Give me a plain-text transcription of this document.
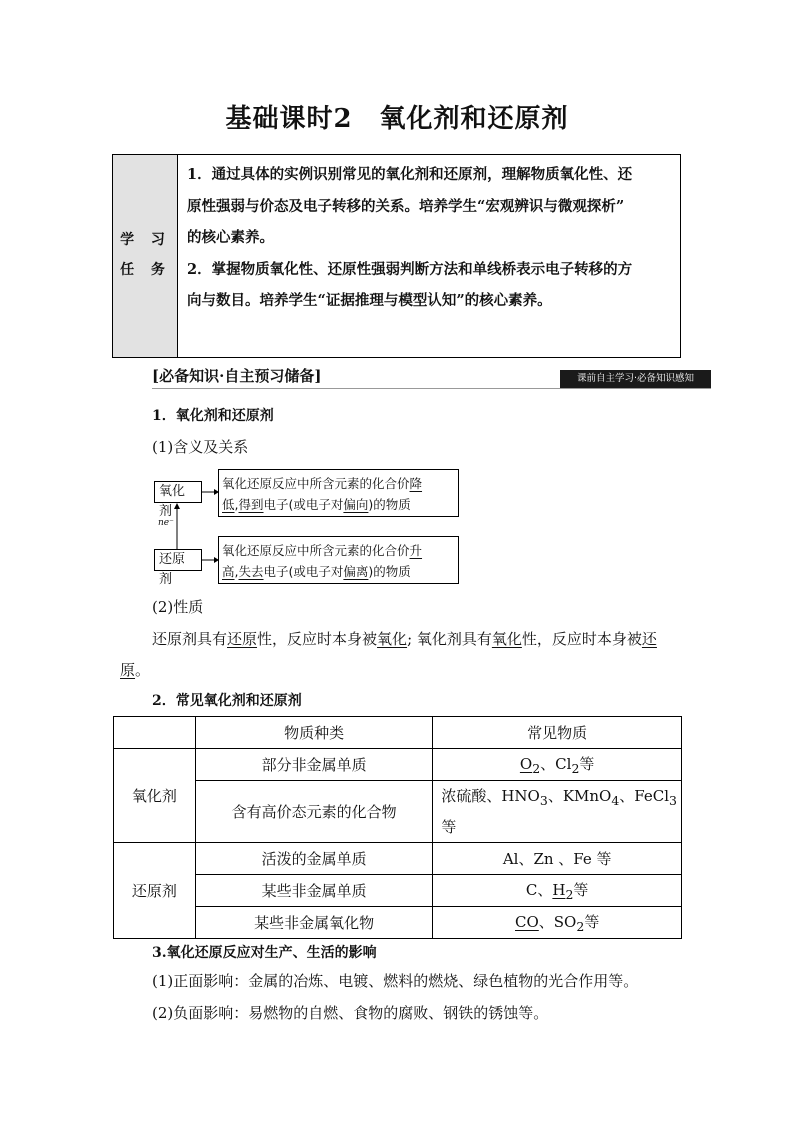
基础课时2　氧化剂和还原剂
学 习
任 务

1．通过具体的实例识别常见的氧化剂和还原剂，理解物质氧化性、还

原性强弱与价态及电子转移的关系。培养学生“宏观辨识与微观探析”

的核心素养。

2．掌握物质氧化性、还原性强弱判断方法和单线桥表示电子转移的方

向与数目。培养学生“证据推理与模型认知”的核心素养。

[必备知识·自主预习储备]	课前自主学习·必备知识感知
1．氧化剂和还原剂
(1)含义及关系
氧化剂
还原剂
ne⁻
氧化还原反应中所含元素的化合价降
低,得到电子(或电子对偏向)的物质
氧化还原反应中所含元素的化合价升
高,失去电子(或电子对偏离)的物质
(2)性质
还原剂具有还原性，反应时本身被氧化; 氧化剂具有氧化性，反应时本身被还原。
2．常见氧化剂和还原剂
	物质种类	常见物质
氧化剂	部分非金属单质	$O_2$、$Cl_2$等
	含有高价态元素的化合物	浓硫酸、$HNO_3$、KMnO$_4$、FeCl$_3$
等
还原剂	活泼的金属单质	Al、Zn 、Fe 等
	某些非金属单质	C、$H_2$等
	某些非金属氧化物	CO、$SO_2$等
3.氧化还原反应对生产、生活的影响
(1)正面影响：金属的冶炼、电镀、燃料的燃烧、绿色植物的光合作用等。
(2)负面影响：易燃物的自燃、食物的腐败、钢铁的锈蚀等。
